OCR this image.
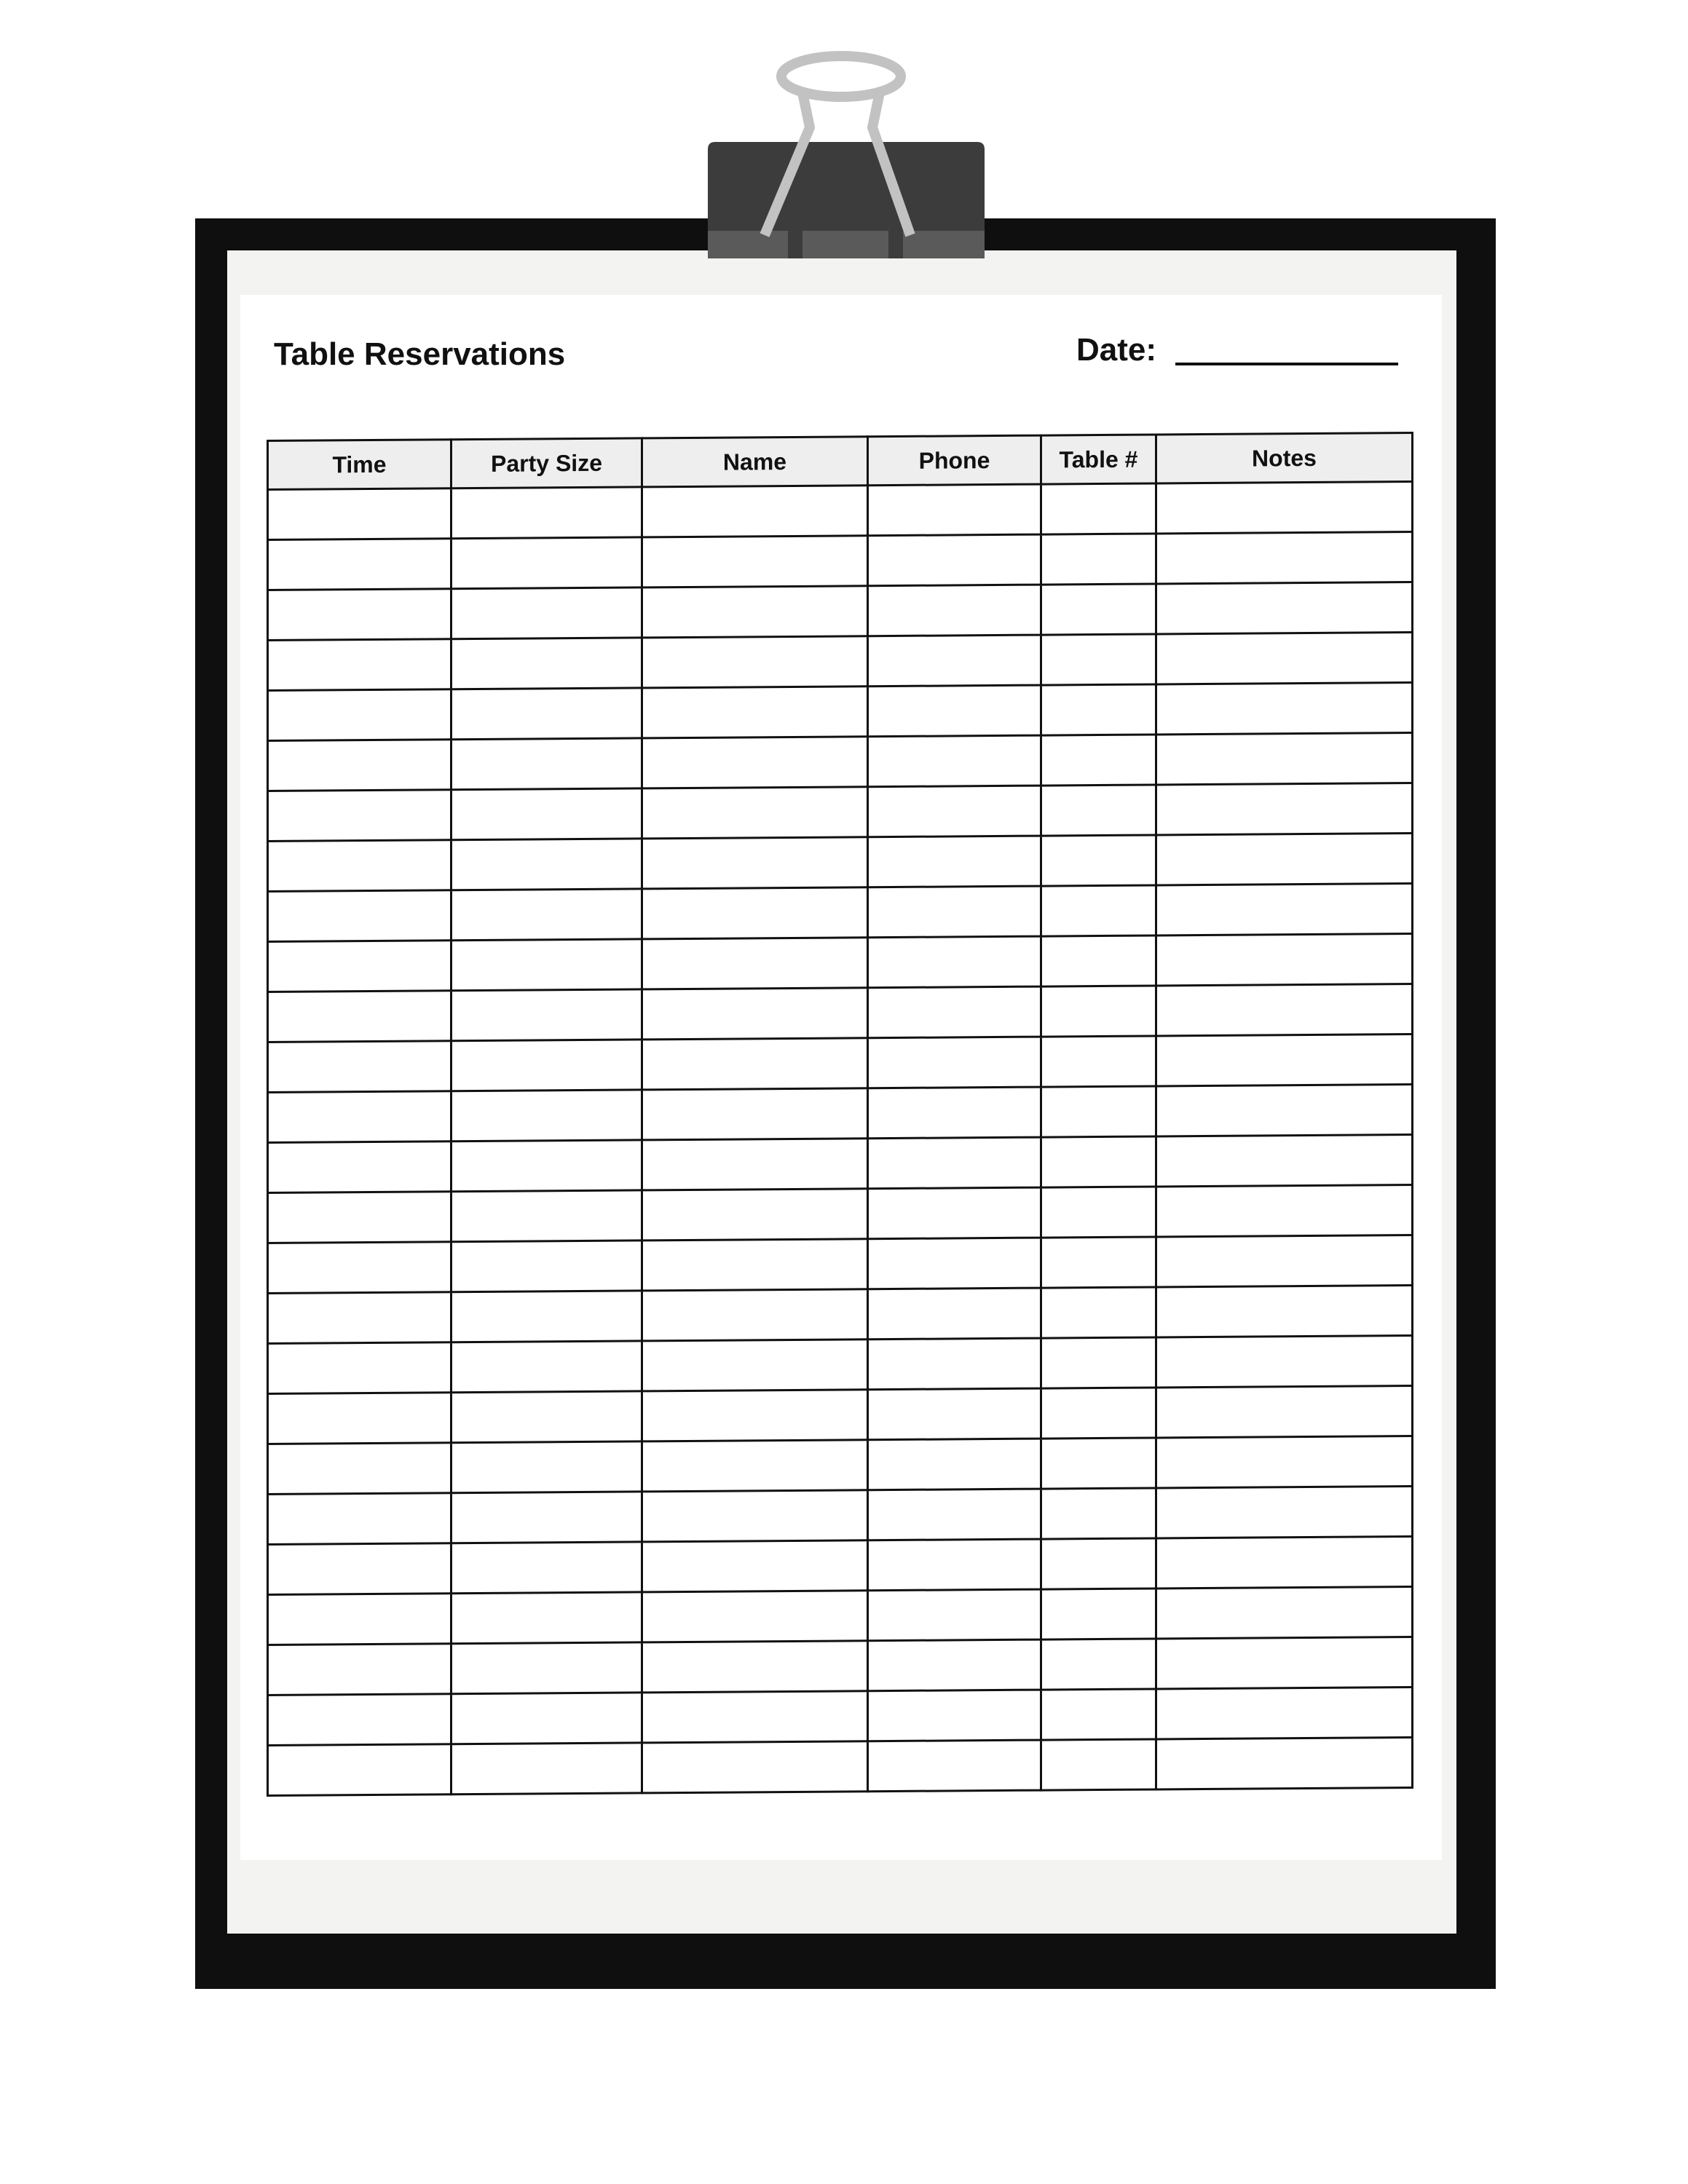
Table Reservations	Date:
Time	Party Size	Name	Phone	Table #	Notes
